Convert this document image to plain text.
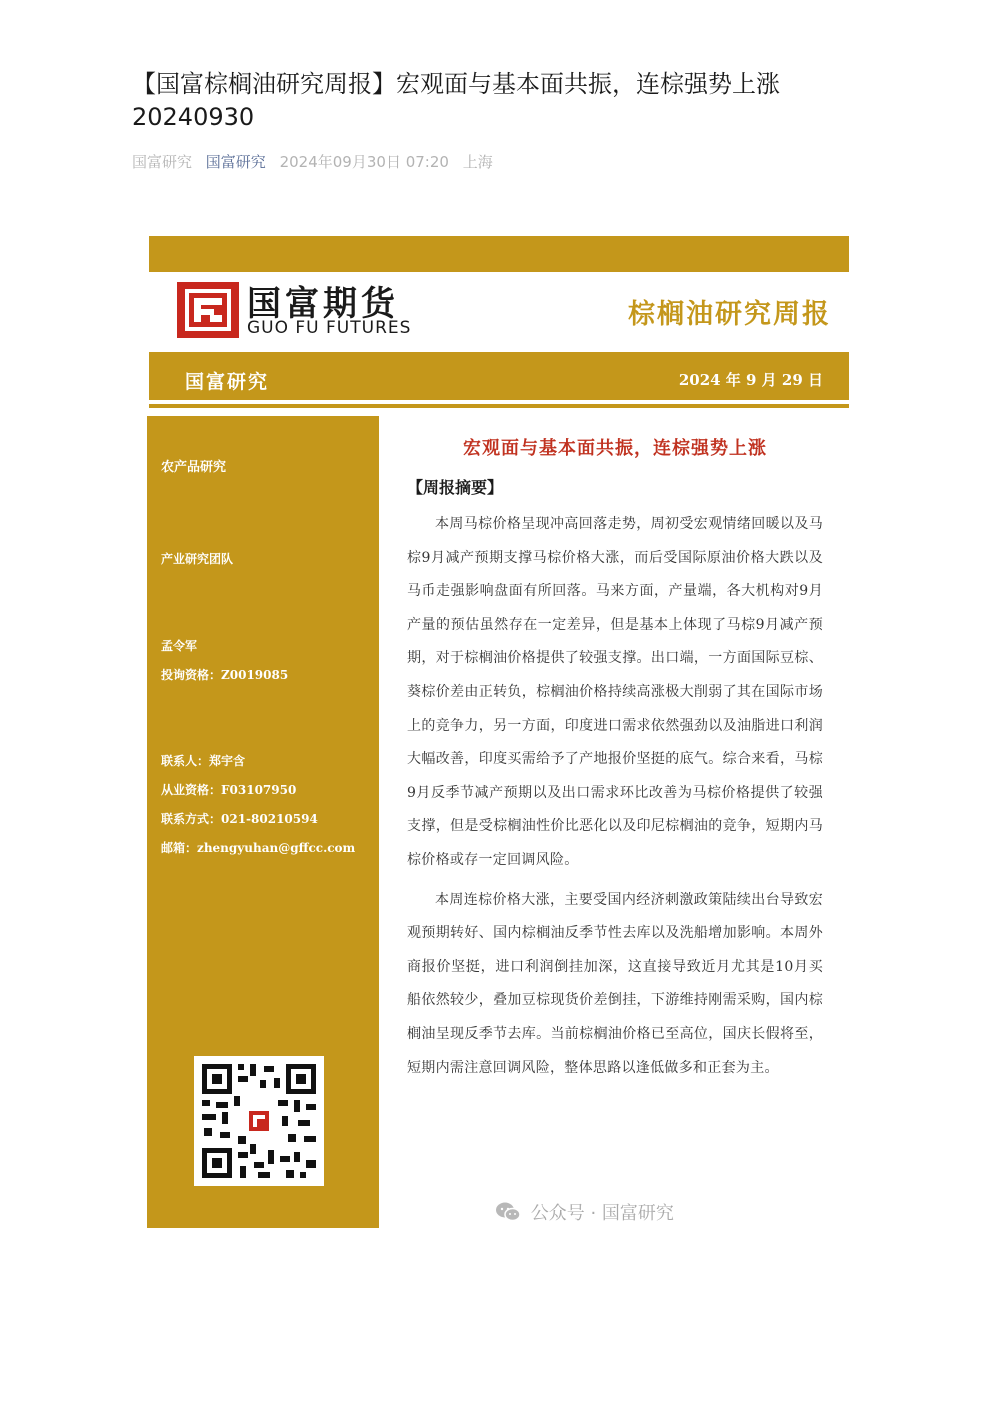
【国富棕榈油研究周报】宏观面与基本面共振，连棕强势上涨20240930
国富研究 国富研究 2024年09月30日 07:20 上海
国富期货
GUO FU FUTURES	棕榈油研究周报
国富研究	2024 年 9 月 29 日
农产品研究
产业研究团队
孟令军
投询资格：Z0019085
联系人：郑宇含
从业资格：F03107950
联系方式：021-80210594
邮箱：zhengyuhan@gffcc.com

宏观面与基本面共振，连棕强势上涨

【周报摘要】

本周马棕价格呈现冲高回落走势，周初受宏观情绪回暖以及马棕9月减产预期支撑马棕价格大涨，而后受国际原油价格大跌以及马币走强影响盘面有所回落。马来方面，产量端，各大机构对9月产量的预估虽然存在一定差异，但是基本上体现了马棕9月减产预期，对于棕榈油价格提供了较强支撑。出口端，一方面国际豆棕、葵棕价差由正转负，棕榈油价格持续高涨极大削弱了其在国际市场上的竞争力，另一方面，印度进口需求依然强劲以及油脂进口利润大幅改善，印度买需给予了产地报价坚挺的底气。综合来看，马棕9月反季节减产预期以及出口需求环比改善为马棕价格提供了较强支撑，但是受棕榈油性价比恶化以及印尼棕榈油的竞争，短期内马棕价格或存一定回调风险。

本周连棕价格大涨，主要受国内经济刺激政策陆续出台导致宏观预期转好、国内棕榈油反季节性去库以及洗船增加影响。本周外商报价坚挺，进口利润倒挂加深，这直接导致近月尤其是10月买船依然较少，叠加豆棕现货价差倒挂，下游维持刚需采购，国内棕榈油呈现反季节去库。当前棕榈油价格已至高位，国庆长假将至，短期内需注意回调风险，整体思路以逢低做多和正套为主。

公众号 · 国富研究
